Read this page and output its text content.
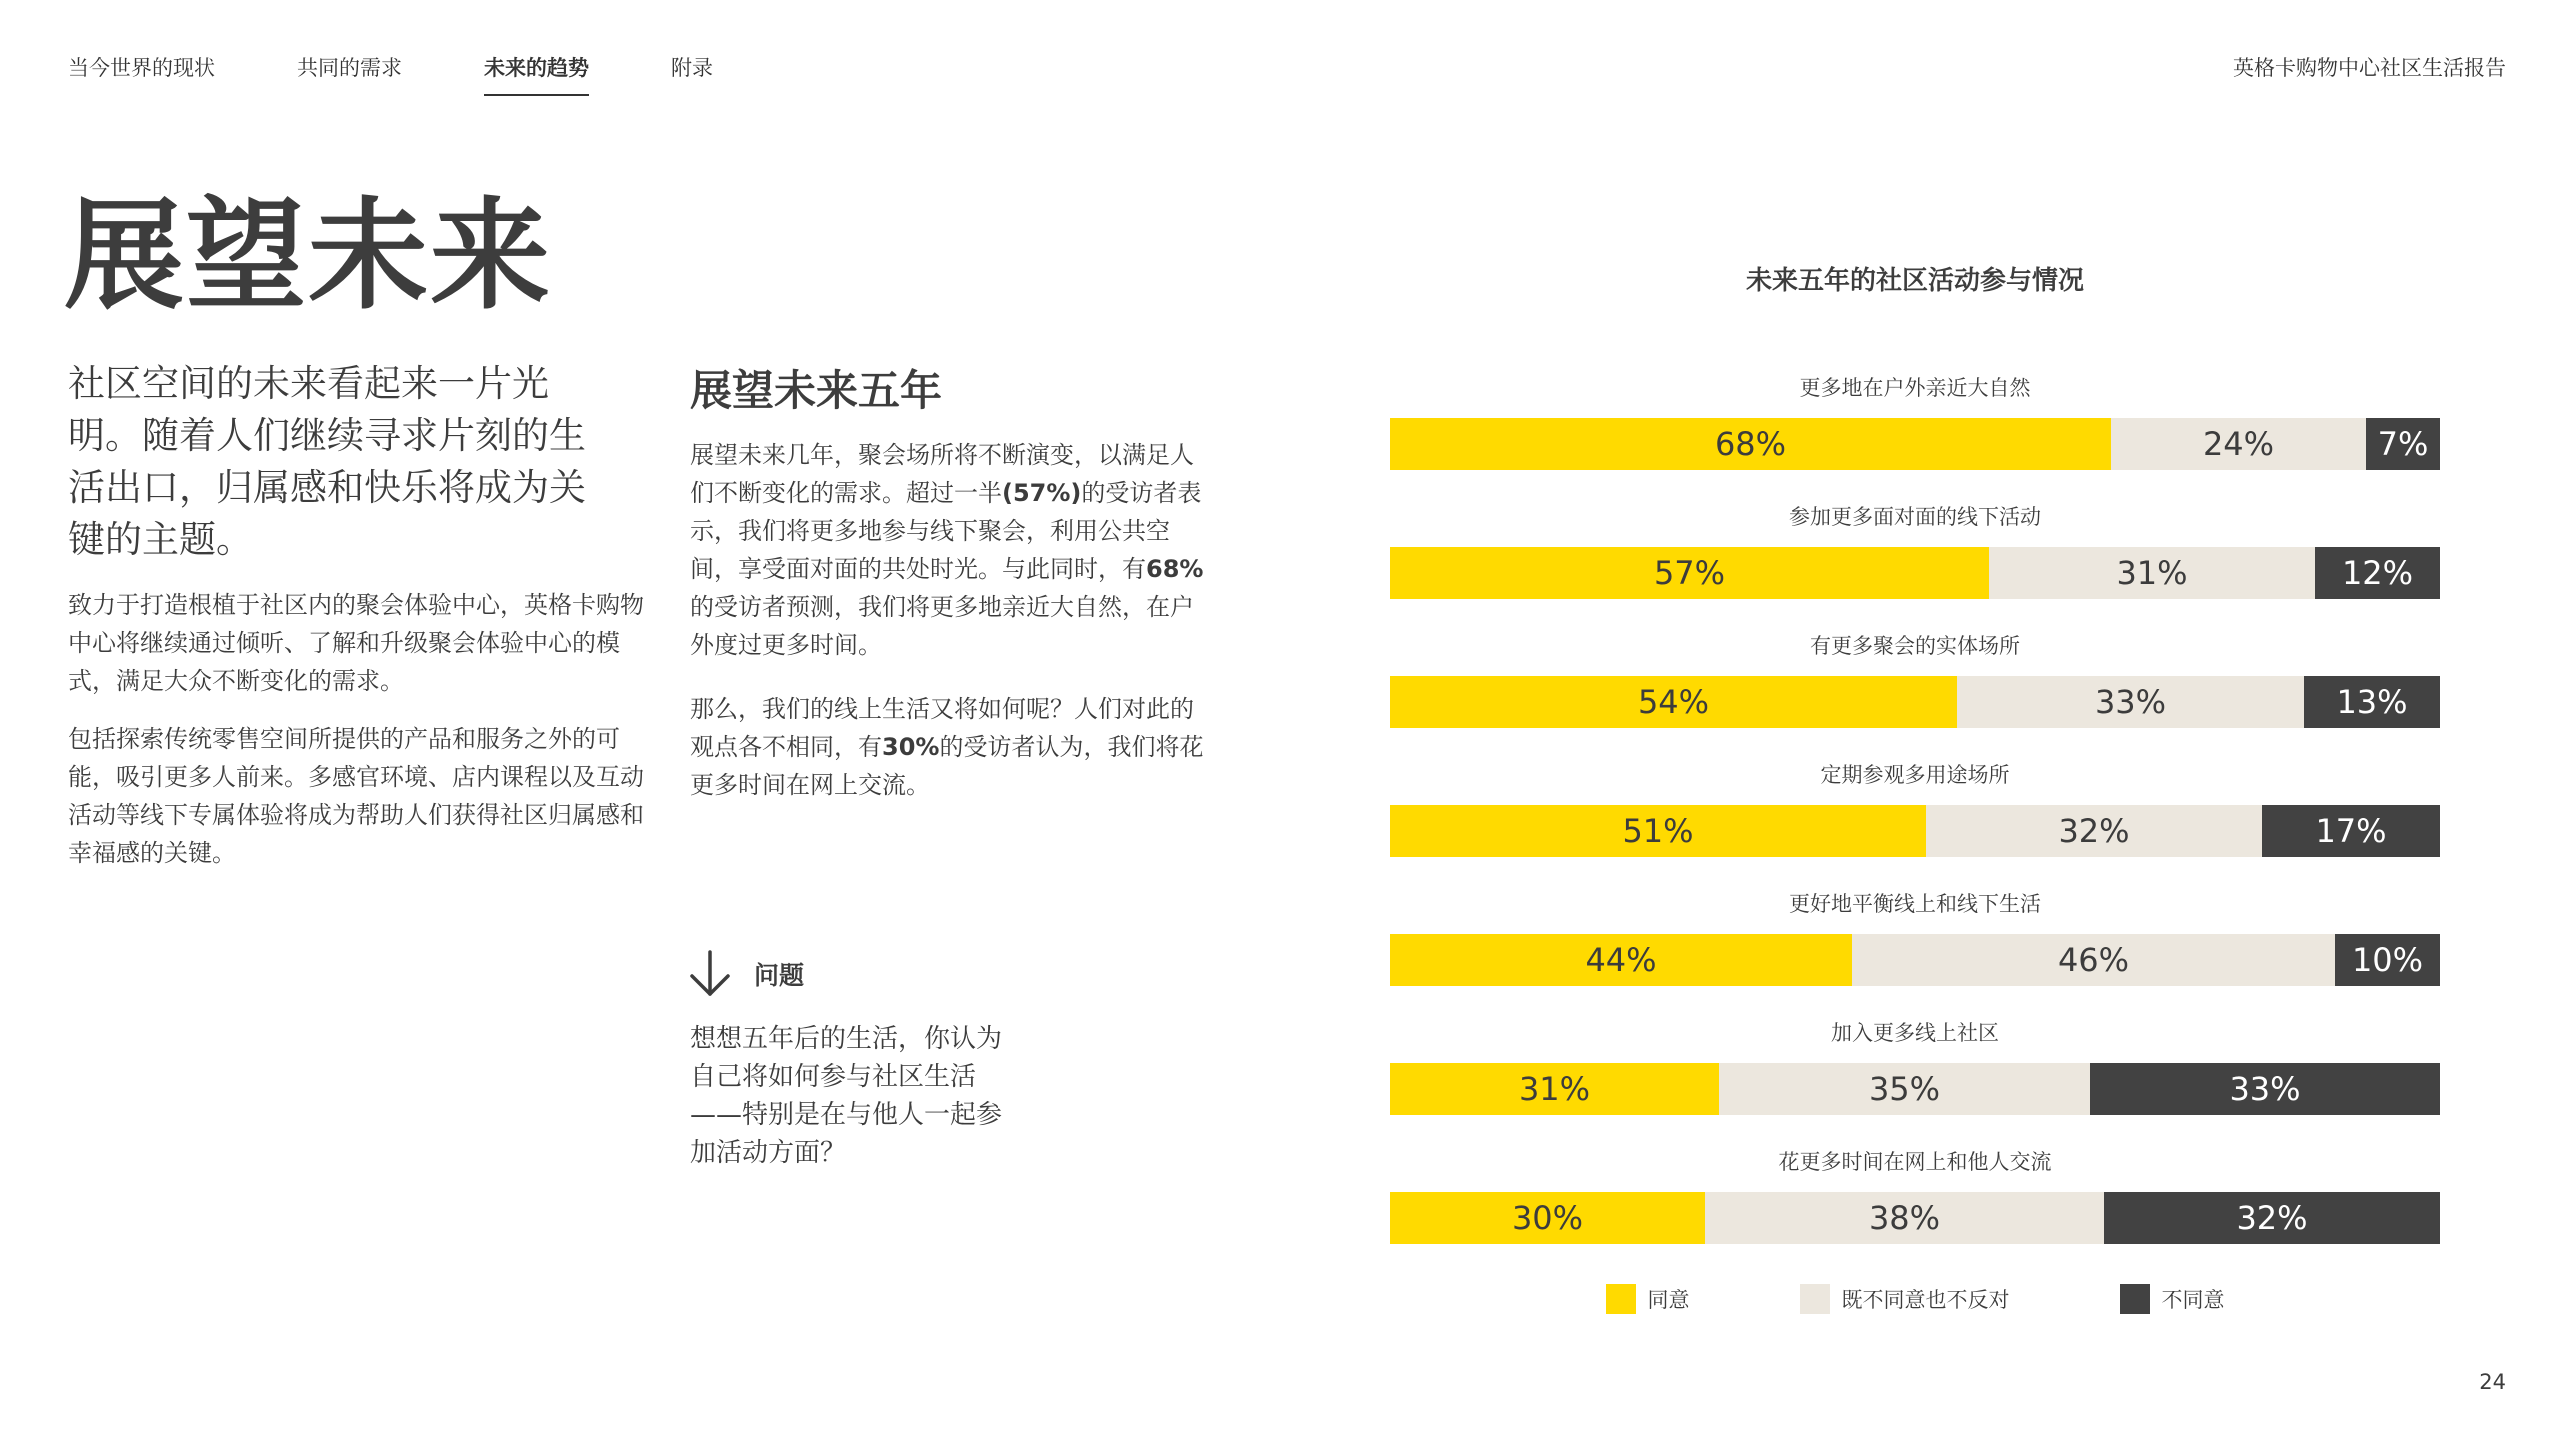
当今世界的现状	共同的需求	未来的趋势	附录	英格卡购物中心社区生活报告
展望未来

社区空间的未来看起来一片光明。随着人们继续寻求片刻的生活出口，归属感和快乐将成为关键的主题。

致力于打造根植于社区内的聚会体验中心，英格卡购物中心将继续通过倾听、了解和升级聚会体验中心的模式，满足大众不断变化的需求。

包括探索传统零售空间所提供的产品和服务之外的可能，吸引更多人前来。多感官环境、店内课程以及互动活动等线下专属体验将成为帮助人们获得社区归属感和幸福感的关键。

展望未来五年

展望未来几年，聚会场所将不断演变，以满足人们不断变化的需求。超过一半(57%)的受访者表示，我们将更多地参与线下聚会，利用公共空间，享受面对面的共处时光。与此同时，有68%的受访者预测，我们将更多地亲近大自然，在户外度过更多时间。

那么，我们的线上生活又将如何呢？人们对此的观点各不相同，有30%的受访者认为，我们将花更多时间在网上交流。

问题

想想五年后的生活，你认为自己将如何参与社区生活——特别是在与他人一起参加活动方面？

未来五年的社区活动参与情况
同意	既不同意也不反对	不同意
更多地在户外亲近大自然
68%	24%	7%
参加更多面对面的线下活动
57%	31%	12%
有更多聚会的实体场所
54%	33%	13%
定期参观多用途场所
51%	32%	17%
更好地平衡线上和线下生活
44%	46%	10%
加入更多线上社区
31%	35%	33%
花更多时间在网上和他人交流
30%	38%	32%
24
